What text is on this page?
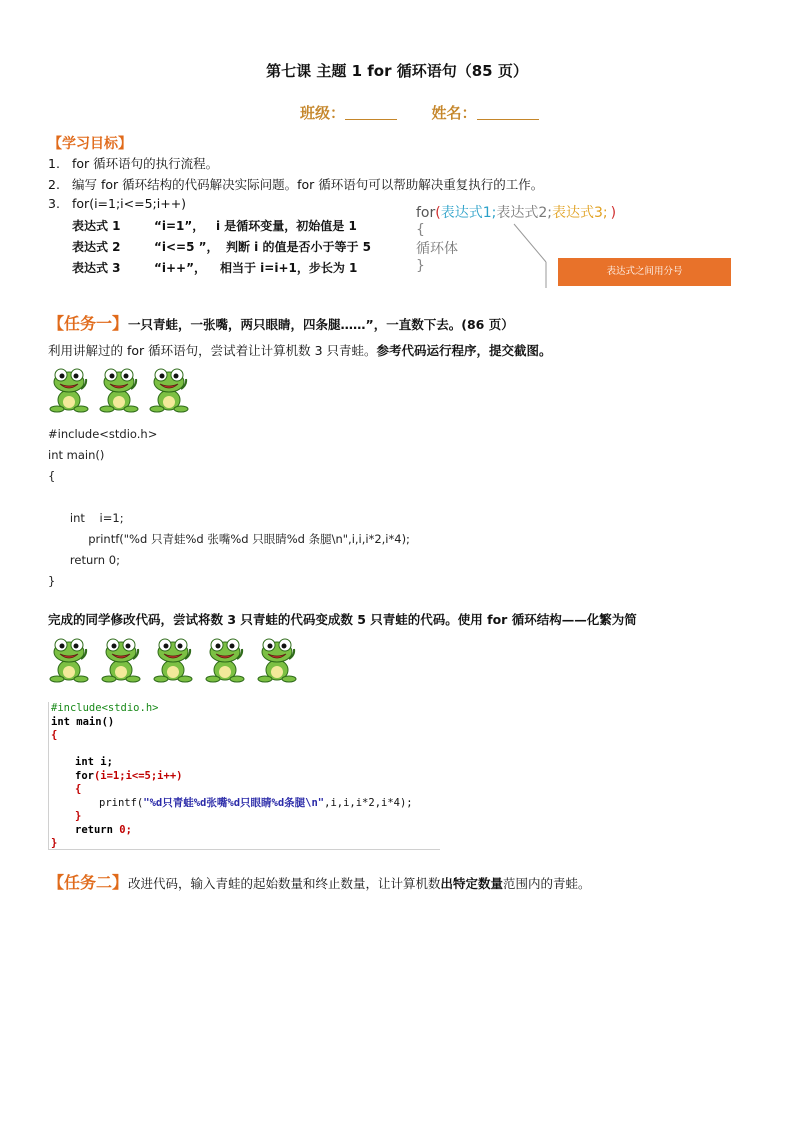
第七课 主题 1 for 循环语句（85 页）
班级：	姓名：
【学习目标】
1. for 循环语句的执行流程。
2. 编写 for 循环结构的代码解决实际问题。for 循环语句可以帮助解决重复执行的工作。
3. for(i=1;i<=5;i++)
表达式 1	“i=1”， i 是循环变量，初始值是 1
表达式 2	“i<=5 ”， 判断 i 的值是否小于等于 5
表达式 3	“i++”， 相当于 i=i+1，步长为 1
for(表达式1;表达式2;表达式3; )
{
循环体
}	表达式之间用分号
【任务一】一只青蛙，一张嘴，两只眼睛，四条腿……”，一直数下去。(86 页）
利用讲解过的 for 循环语句，尝试着让计算机数 3 只青蛙。参考代码运行程序，提交截图。
#include<stdio.h>
int main()
{
int    i=1;
printf("%d 只青蛙%d 张嘴%d 只眼睛%d 条腿\n",i,i,i*2,i*4);
return 0;
}
完成的同学修改代码，尝试将数 3 只青蛙的代码变成数 5 只青蛙的代码。使用 for 循环结构——化繁为简
#include<stdio.h>
int main()
{
int i;
for(i=1;i<=5;i++)
{
printf("%d只青蛙%d张嘴%d只眼睛%d条腿\n",i,i,i*2,i*4);
}
return 0;
}
【任务二】改进代码，输入青蛙的起始数量和终止数量，让计算机数出特定数量范围内的青蛙。
